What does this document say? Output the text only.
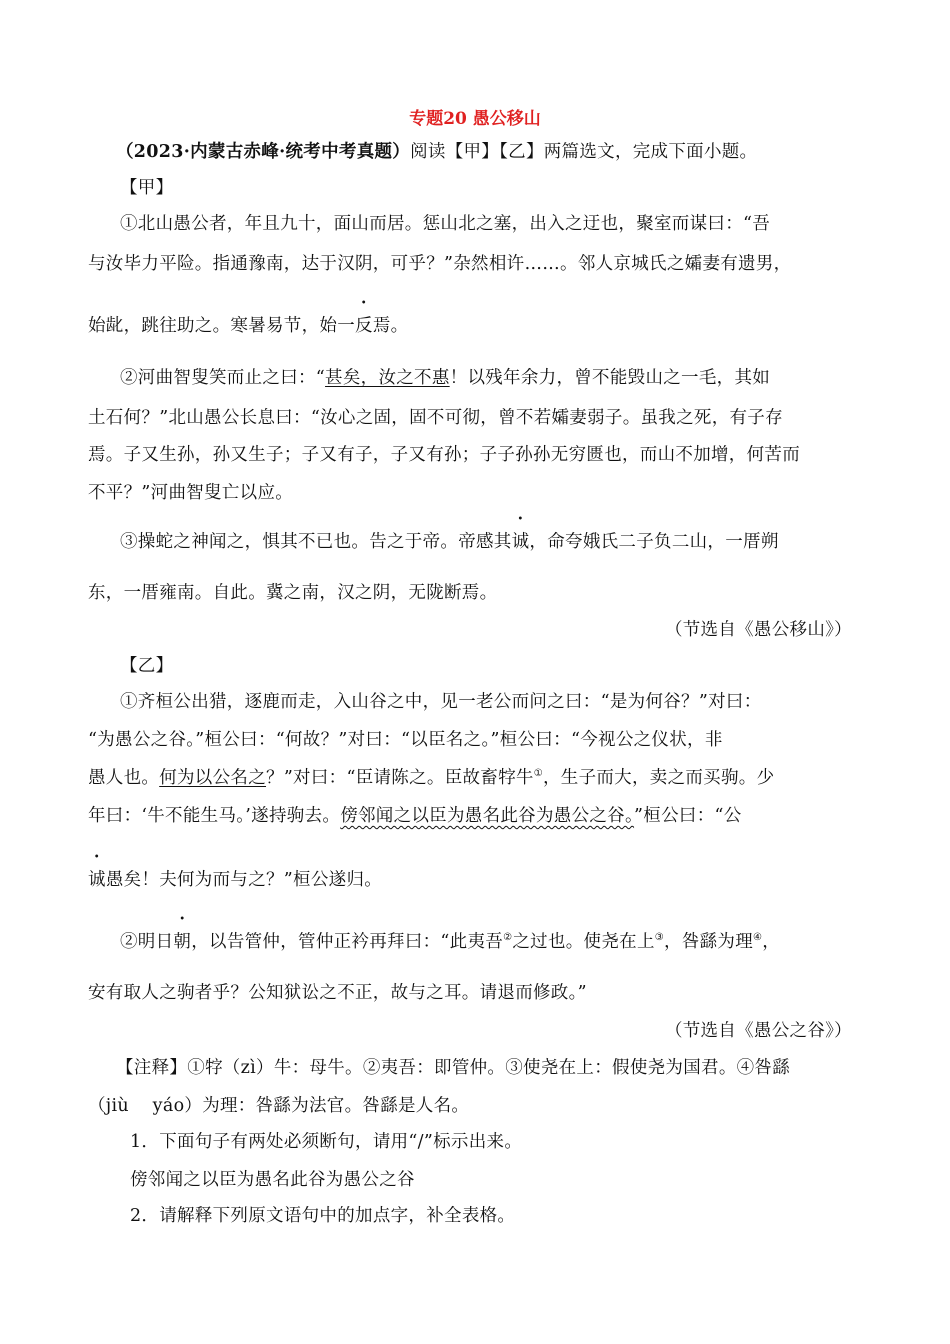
专题20 愚公移山
（2023·内蒙古赤峰·统考中考真题）阅读【甲】【乙】两篇选文，完成下面小题。
【甲】
①北山愚公者，年且九十，面山而居。惩山北之塞，出入之迂也，聚室而谋曰：“吾
与汝毕力平险。指通豫南，达于汉阴，可乎？”杂然相许……。邻人京城氏之孀妻有遗男，
始龀，跳往助之。寒暑易节，始一反焉。
②河曲智叟笑而止之曰：“甚矣，汝之不惠！以残年余力，曾不能毁山之一毛，其如
土石何？”北山愚公长息曰：“汝心之固，固不可彻，曾不若孀妻弱子。虽我之死，有子存
焉。子又生孙，孙又生子；子又有子，子又有孙；子子孙孙无穷匮也，而山不加增，何苦而
不平？”河曲智叟亡以应。
③操蛇之神闻之，惧其不已也。告之于帝。帝感其诚，命夸娥氏二子负二山，一厝朔
东，一厝雍南。自此。冀之南，汉之阴，无陇断焉。
（节选自《愚公移山》）
【乙】
①齐桓公出猎，逐鹿而走，入山谷之中，见一老公而问之曰：“是为何谷？”对曰：
“为愚公之谷。”桓公曰：“何故？”对曰：“以臣名之。”桓公曰：“今视公之仪状，非
愚人也。何为以公名之？”对曰：“臣请陈之。臣故畜牸牛①，生子而大，卖之而买驹。少
年曰：‘牛不能生马。’遂持驹去。傍邻闻之以臣为愚名此谷为愚公之谷。”桓公曰：“公
诚愚矣！夫何为而与之？”桓公遂归。
②明日朝，以告管仲，管仲正衿再拜曰：“此夷吾②之过也。使尧在上③，咎繇为理④，
安有取人之驹者乎？公知狱讼之不正，故与之耳。请退而修政。”
（节选自《愚公之谷》）
【注释】①牸（zì）牛：母牛。②夷吾：即管仲。③使尧在上：假使尧为国君。④咎繇
（jiù　 yáo）为理：咎繇为法官。咎繇是人名。
1．下面句子有两处必须断句，请用“/”标示出来。
傍邻闻之以臣为愚名此谷为愚公之谷
2．请解释下列原文语句中的加点字，补全表格。
